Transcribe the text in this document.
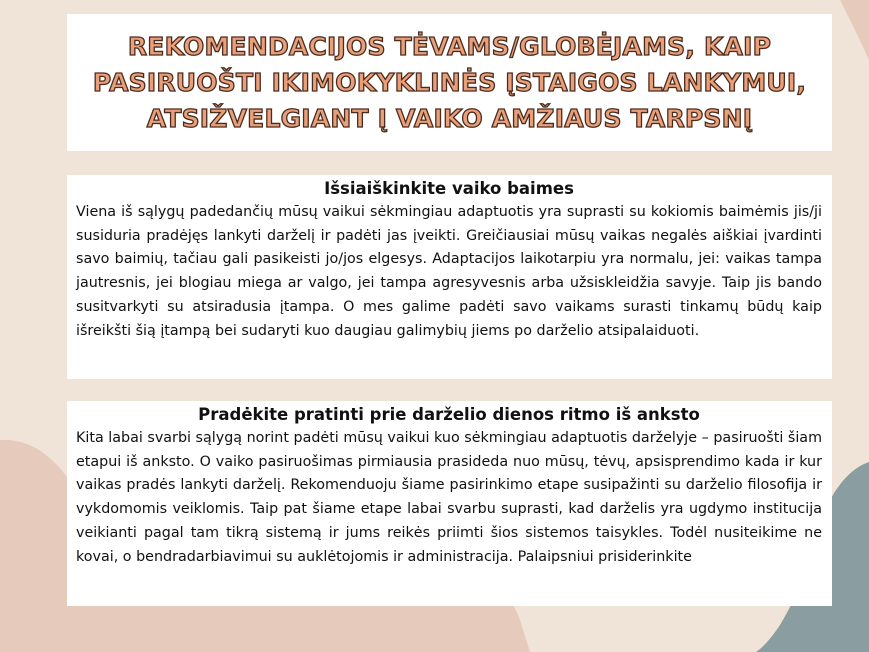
REKOMENDACIJOS TĖVAMS/GLOBĖJAMS, KAIP PASIRUOŠTI IKIMOKYKLINĖS ĮSTAIGOS LANKYMUI, ATSIŽVELGIANT Į VAIKO AMŽIAUS TARPSNĮ
Išsiaiškinkite vaiko baimes

Viena iš sąlygų padedančių mūsų vaikui sėkmingiau adaptuotis yra suprasti su kokiomis baimėmis jis/ji susiduria pradėjęs lankyti darželį ir padėti jas įveikti. Greičiausiai mūsų vaikas negalės aiškiai įvardinti savo baimių, tačiau gali pasikeisti jo/jos elgesys. Adaptacijos laikotarpiu yra normalu, jei: vaikas tampa jautresnis, jei blogiau miega ar valgo, jei tampa agresyvesnis arba užsiskleidžia savyje. Taip jis bando susitvarkyti su atsiradusia įtampa. O mes galime padėti savo vaikams surasti tinkamų būdų kaip išreikšti šią įtampą bei sudaryti kuo daugiau galimybių jiems po darželio atsipalaiduoti.

Pradėkite pratinti prie darželio dienos ritmo iš anksto

Kita labai svarbi sąlygą norint padėti mūsų vaikui kuo sėkmingiau adaptuotis darželyje – pasiruošti šiam etapui iš anksto. O vaiko pasiruošimas pirmiausia prasideda nuo mūsų, tėvų, apsisprendimo kada ir kur vaikas pradės lankyti darželį. Rekomenduoju šiame pasirinkimo etape susipažinti su darželio filosofija ir vykdomomis veiklomis. Taip pat šiame etape labai svarbu suprasti, kad darželis yra ugdymo institucija veikianti pagal tam tikrą sistemą ir jums reikės priimti šios sistemos taisykles. Todėl nusiteikime ne kovai, o bendradarbiavimui su auklėtojomis ir administracija. Palaipsniui prisiderinkite
